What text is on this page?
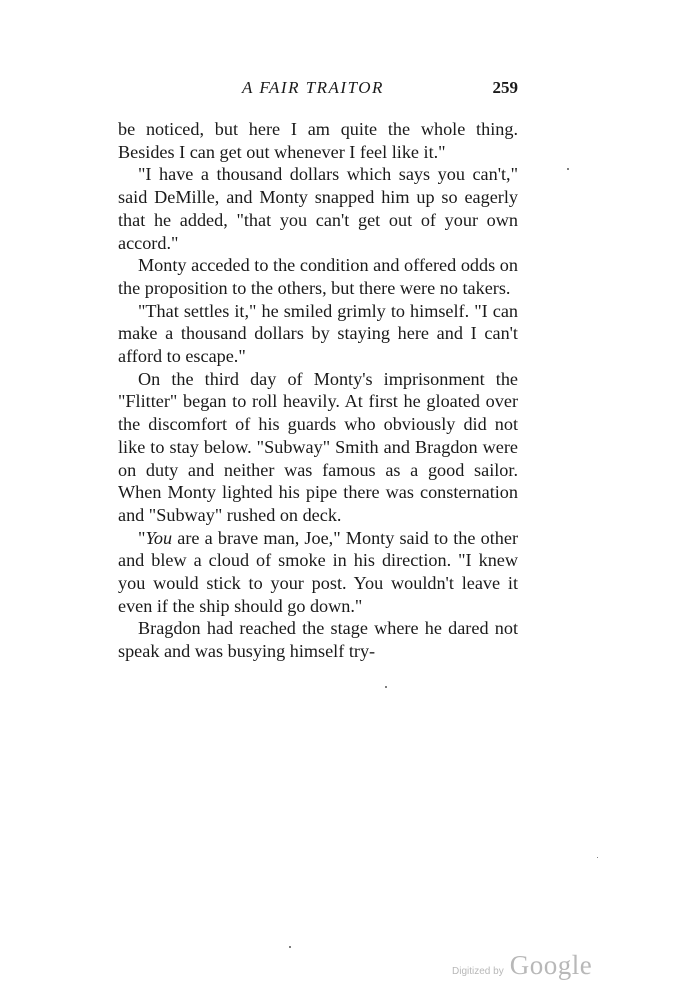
A FAIR TRAITOR	259

be noticed, but here I am quite the whole thing. Besides I can get out whenever I feel like it."

"I have a thousand dollars which says you can't," said DeMille, and Monty snapped him up so eagerly that he added, "that you can't get out of your own accord."

Monty acceded to the condition and offered odds on the proposition to the others, but there were no takers.

"That settles it," he smiled grimly to himself. "I can make a thousand dollars by staying here and I can't afford to escape."

On the third day of Monty's imprisonment the "Flitter" began to roll heavily. At first he gloated over the discomfort of his guards who obviously did not like to stay below. "Subway" Smith and Bragdon were on duty and neither was famous as a good sailor. When Monty lighted his pipe there was consternation and "Subway" rushed on deck.

"You are a brave man, Joe," Monty said to the other and blew a cloud of smoke in his direction. "I knew you would stick to your post. You wouldn't leave it even if the ship should go down."

Bragdon had reached the stage where he dared not speak and was busying himself try-

Digitized by Google
